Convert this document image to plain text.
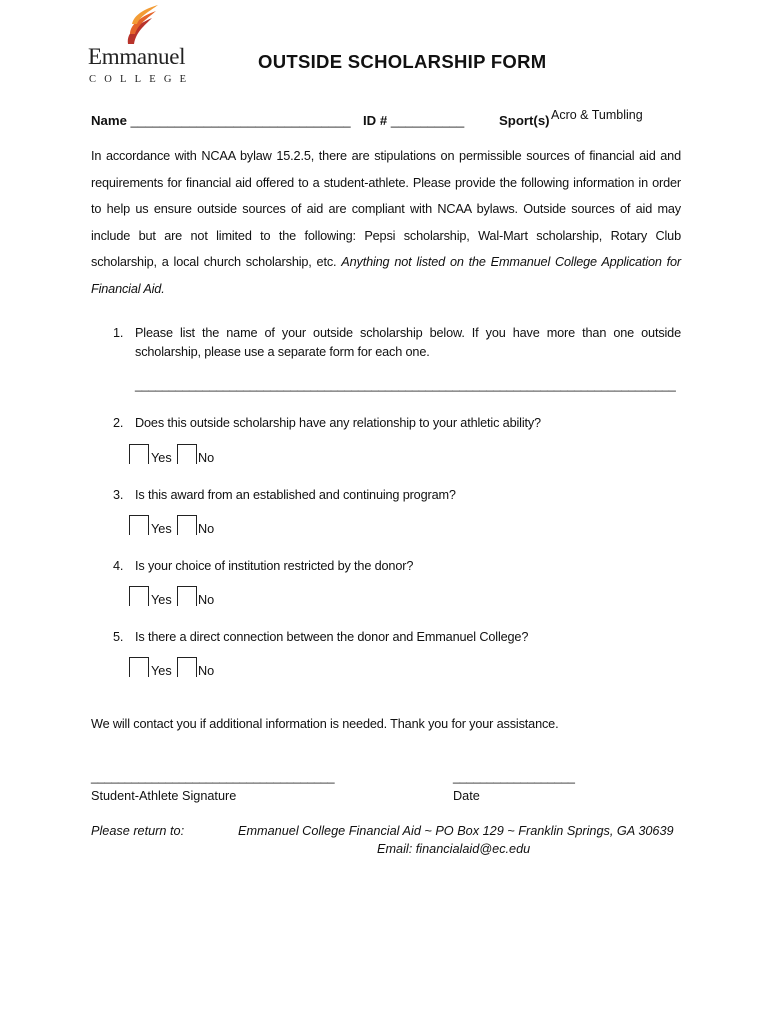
Emmanuel
COLLEGE
OUTSIDE SCHOLARSHIP FORM
Name ______________________________ ID # __________	Sport(s) Acro & Tumbling
In accordance with NCAA bylaw 15.2.5, there are stipulations on permissible sources of financial aid and requirements for financial aid offered to a student-athlete. Please provide the following information in order to help us ensure outside sources of aid are compliant with NCAA bylaws. Outside sources of aid may include but are not limited to the following: Pepsi scholarship, Wal-Mart scholarship, Rotary Club scholarship, a local church scholarship, etc. Anything not listed on the Emmanuel College Application for Financial Aid.
1. Please list the name of your outside scholarship below. If you have more than one outside scholarship, please use a separate form for each one.
________________________________________________________________________________
2. Does this outside scholarship have any relationship to your athletic ability?
Yes No
3. Is this award from an established and continuing program?
Yes No
4. Is your choice of institution restricted by the donor?
Yes No
5. Is there a direct connection between the donor and Emmanuel College?
Yes No
We will contact you if additional information is needed. Thank you for your assistance.
____________________________________
Student-Athlete Signature
__________________
Date
Please return to:	Emmanuel College Financial Aid ~ PO Box 129 ~ Franklin Springs, GA 30639
Email: financialaid@ec.edu
